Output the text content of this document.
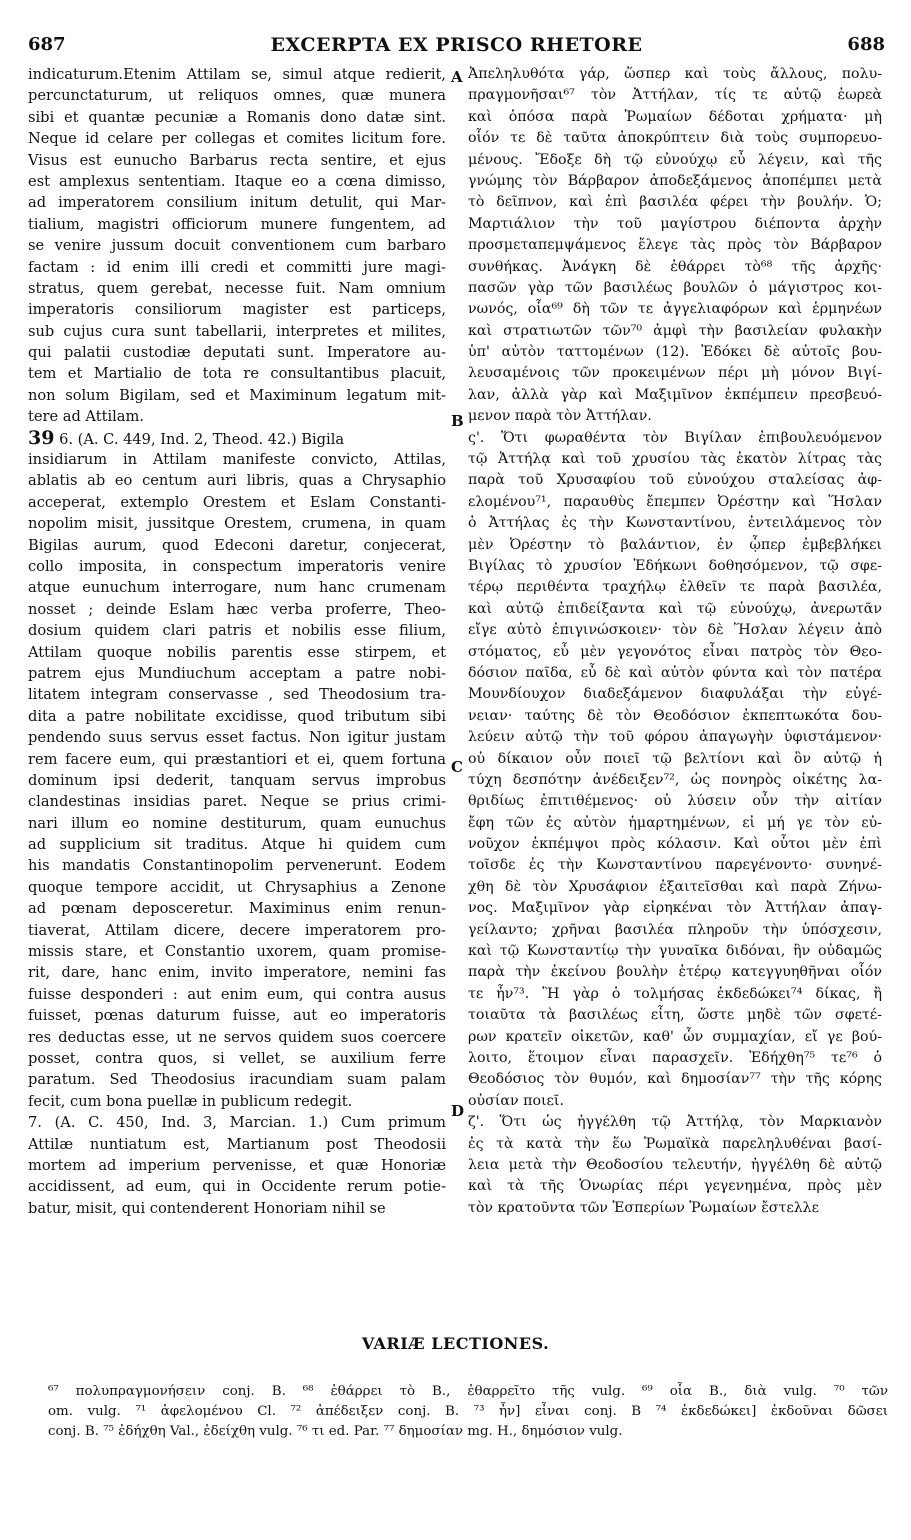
687	EXCERPTA EX PRISCO RHETORE	688
indicaturum.Etenim Attilam se, simul atque redierit,
percunctaturum, ut reliquos omnes, quæ munera
sibi et quantæ pecuniæ a Romanis dono datæ sint.
Neque id celare per collegas et comites licitum fore.
Visus est eunucho Barbarus recta sentire, et ejus
est amplexus sententiam. Itaque eo a cœna dimisso,
ad imperatorem consilium initum detulit, qui Mar-
tialium, magistri officiorum munere fungentem, ad
se venire jussum docuit conventionem cum barbaro
factam : id enim illi credi et committi jure magi-
stratus, quem gerebat, necesse fuit. Nam omnium
imperatoris consiliorum magister est particeps,
sub cujus cura sunt tabellarii, interpretes et milites,
qui palatii custodiæ deputati sunt. Imperatore au-
tem et Martialio de tota re consultantibus placuit,
non solum Bigilam, sed et Maximinum legatum mit-
tere ad Attilam.
39 6. (A. C. 449, Ind. 2, Theod. 42.) Bigila
insidiarum in Attilam manifeste convicto, Attilas,
ablatis ab eo centum auri libris, quas a Chrysaphio
acceperat, extemplo Orestem et Eslam Constanti-
nopolim misit, jussitque Orestem, crumena, in quam
Bigilas aurum, quod Edeconi daretur, conjecerat,
collo imposita, in conspectum imperatoris venire
atque eunuchum interrogare, num hanc crumenam
nosset ; deinde Eslam hæc verba proferre, Theo-
dosium quidem clari patris et nobilis esse filium,
Attilam quoque nobilis parentis esse stirpem, et
patrem ejus Mundiuchum acceptam a patre nobi-
litatem integram conservasse , sed Theodosium tra-
dita a patre nobilitate excidisse, quod tributum sibi
pendendo suus servus esset factus. Non igitur justam
rem facere eum, qui præstantiori et ei, quem fortuna
dominum ipsi dederit, tanquam servus improbus
clandestinas insidias paret. Neque se prius crimi-
nari illum eo nomine destiturum, quam eunuchus
ad supplicium sit traditus. Atque hi quidem cum
his mandatis Constantinopolim pervenerunt. Eodem
quoque tempore accidit, ut Chrysaphius a Zenone
ad pœnam deposceretur. Maximinus enim renun-
tiaverat, Attilam dicere, decere imperatorem pro-
missis stare, et Constantio uxorem, quam promise-
rit, dare, hanc enim, invito imperatore, nemini fas
fuisse desponderi : aut enim eum, qui contra ausus
fuisset, pœnas daturum fuisse, aut eo imperatoris
res deductas esse, ut ne servos quidem suos coercere
posset, contra quos, si vellet, se auxilium ferre
paratum. Sed Theodosius iracundiam suam palam
fecit, cum bona puellæ in publicum redegit.
7. (A. C. 450, Ind. 3, Marcian. 1.) Cum primum
Attilæ nuntiatum est, Martianum post Theodosii
mortem ad imperium pervenisse, et quæ Honoriæ
accidissent, ad eum, qui in Occidente rerum potie-
batur, misit, qui contenderent Honoriam nihil se
Ἀπεληλυθότα γάρ, ὥσπερ καὶ τοὺς ἄλλους, πολυ-
πραγμονῆσαι⁶⁷ τὸν Ἀττήλαν, τίς τε αὐτῷ ἐωρεὰ
καὶ ὁπόσα παρὰ Ῥωμαίων δέδοται χρήματα· μὴ
οἷόν τε δὲ ταῦτα ἀποκρύπτειν διὰ τοὺς συμπορευο-
μένους. Ἔδοξε δὴ τῷ εὐνούχῳ εὖ λέγειν, καὶ τῆς
γνώμης τὸν Βάρβαρον ἀποδεξάμενος ἀποπέμπει μετὰ
τὸ δεῖπνον, καὶ ἐπὶ βασιλέα φέρει τὴν βουλήν. Ὁ;
Μαρτιάλιον τὴν τοῦ μαγίστρου διέποντα ἀρχὴν
προσμεταπεμψάμενος ἔλεγε τὰς πρὸς τὸν Βάρβαρον
συνθήκας. Ἀνάγκη δὲ ἐθάρρει τὸ⁶⁸ τῆς ἀρχῆς·
πασῶν γὰρ τῶν βασιλέως βουλῶν ὁ μάγιστρος κοι-
νωνός, οἷα⁶⁹ δὴ τῶν τε ἀγγελιαφόρων καὶ ἑρμηνέων
καὶ στρατιωτῶν τῶν⁷⁰ ἀμφὶ τὴν βασιλείαν φυλακὴν
ὑπ' αὐτὸν ταττομένων (12). Ἐδόκει δὲ αὐτοῖς βου-
λευσαμένοις τῶν προκειμένων πέρι μὴ μόνον Βιγί-
λαν, ἀλλὰ γὰρ καὶ Μαξιμῖνον ἐκπέμπειν πρεσβευό-
μενον παρὰ τὸν Ἀττήλαν.
ς'. Ὅτι φωραθέντα τὸν Βιγίλαν ἐπιβουλευόμενον
τῷ Ἀττήλᾳ καὶ τοῦ χρυσίου τὰς ἑκατὸν λίτρας τὰς
παρὰ τοῦ Χρυσαφίου τοῦ εὐνούχου σταλείσας ἀφ-
ελομένου⁷¹, παραυθὺς ἔπεμπεν Ὀρέστην καὶ Ἥσλαν
ὁ Ἀττήλας ἐς τὴν Κωνσταντίνου, ἐντειλάμενος τὸν
μὲν Ὀρέστην τὸ βαλάντιον, ἐν ᾧπερ ἐμβεβλήκει
Βιγίλας τὸ χρυσίον Ἐδήκωνι δοθησόμενον, τῷ σφε-
τέρῳ περιθέντα τραχήλῳ ἐλθεῖν τε παρὰ βασιλέα,
καὶ αὐτῷ ἐπιδείξαντα καὶ τῷ εὐνούχῳ, ἀνερωτᾶν
εἴγε αὐτὸ ἐπιγινώσκοιεν· τὸν δὲ Ἥσλαν λέγειν ἀπὸ
στόματος, εὖ μὲν γεγονότος εἶναι πατρὸς τὸν Θεο-
δόσιον παῖδα, εὖ δὲ καὶ αὐτὸν φύντα καὶ τὸν πατέρα
Μουνδίουχον διαδεξάμενον διαφυλάξαι τὴν εὐγέ-
νειαν· ταύτης δὲ τὸν Θεοδόσιον ἐκπεπτωκότα δου-
λεύειν αὐτῷ τὴν τοῦ φόρου ἀπαγωγὴν ὑφιστάμενον·
οὐ δίκαιον οὖν ποιεῖ τῷ βελτίονι καὶ ὃν αὐτῷ ἡ
τύχη δεσπότην ἀνέδειξεν⁷², ὡς πονηρὸς οἰκέτης λα-
θριδίως ἐπιτιθέμενος· οὐ λύσειν οὖν τὴν αἰτίαν
ἔφη τῶν ἐς αὐτὸν ἡμαρτημένων, εἰ μή γε τὸν εὐ-
νοῦχον ἐκπέμψοι πρὸς κόλασιν. Καὶ οὗτοι μὲν ἐπὶ
τοῖσδε ἐς τὴν Κωνσταντίνου παρεγένοντο· συνηνέ-
χθη δὲ τὸν Χρυσάφιον ἐξαιτεῖσθαι καὶ παρὰ Ζήνω-
νος. Μαξιμῖνον γὰρ εἰρηκέναι τὸν Ἀττήλαν ἀπαγ-
γείλαντο; χρῆναι βασιλέα πληροῦν τὴν ὑπόσχεσιν,
καὶ τῷ Κωνσταντίῳ τὴν γυναῖκα διδόναι, ἣν οὐδαμῶς
παρὰ τὴν ἐκείνου βουλὴν ἑτέρῳ κατεγγυηθῆναι οἷόν
τε ἦν⁷³. Ἢ γὰρ ὁ τολμήσας ἐκδεδώκει⁷⁴ δίκας, ἢ
τοιαῦτα τὰ βασιλέως εἶτη, ὥστε μηδὲ τῶν σφετέ-
ρων κρατεῖν οἰκετῶν, καθ' ὧν συμμαχίαν, εἴ γε βού-
λοιτο, ἕτοιμον εἶναι παρασχεῖν. Ἐδήχθη⁷⁵ τε⁷⁶ ὁ
Θεοδόσιος τὸν θυμόν, καὶ δημοσίαν⁷⁷ τὴν τῆς κόρης
οὐσίαν ποιεῖ.
ζ'. Ὅτι ὡς ἠγγέλθη τῷ Ἀττήλᾳ, τὸν Μαρκιανὸν
ἐς τὰ κατὰ τὴν ἕω Ῥωμαϊκὰ παρεληλυθέναι βασί-
λεια μετὰ τὴν Θεοδοσίου τελευτήν, ἠγγέλθη δὲ αὐτῷ
καὶ τὰ τῆς Ὁνωρίας πέρι γεγενημένα, πρὸς μὲν
τὸν κρατοῦντα τῶν Ἑσπερίων Ῥωμαίων ἔστελλε
A
B
C
D
VARIÆ LECTIONES.
⁶⁷ πολυπραγμονήσειν conj. B. ⁶⁸ ἐθάρρει τὸ B., ἐθαρρεῖτο τῆς vulg. ⁶⁹ οἷα B., διὰ vulg. ⁷⁰ τῶν
om. vulg. ⁷¹ ἀφελομένου Cl. ⁷² ἀπέδειξεν conj. B. ⁷³ ἦν] εἶναι conj. B ⁷⁴ ἐκδεδώκει] ἐκδοῦναι δῶσει
conj. B. ⁷⁵ ἐδήχθη Val., ἐδείχθη vulg. ⁷⁶ τι ed. Par. ⁷⁷ δημοσίαν mg. H., δημόσιον vulg.
